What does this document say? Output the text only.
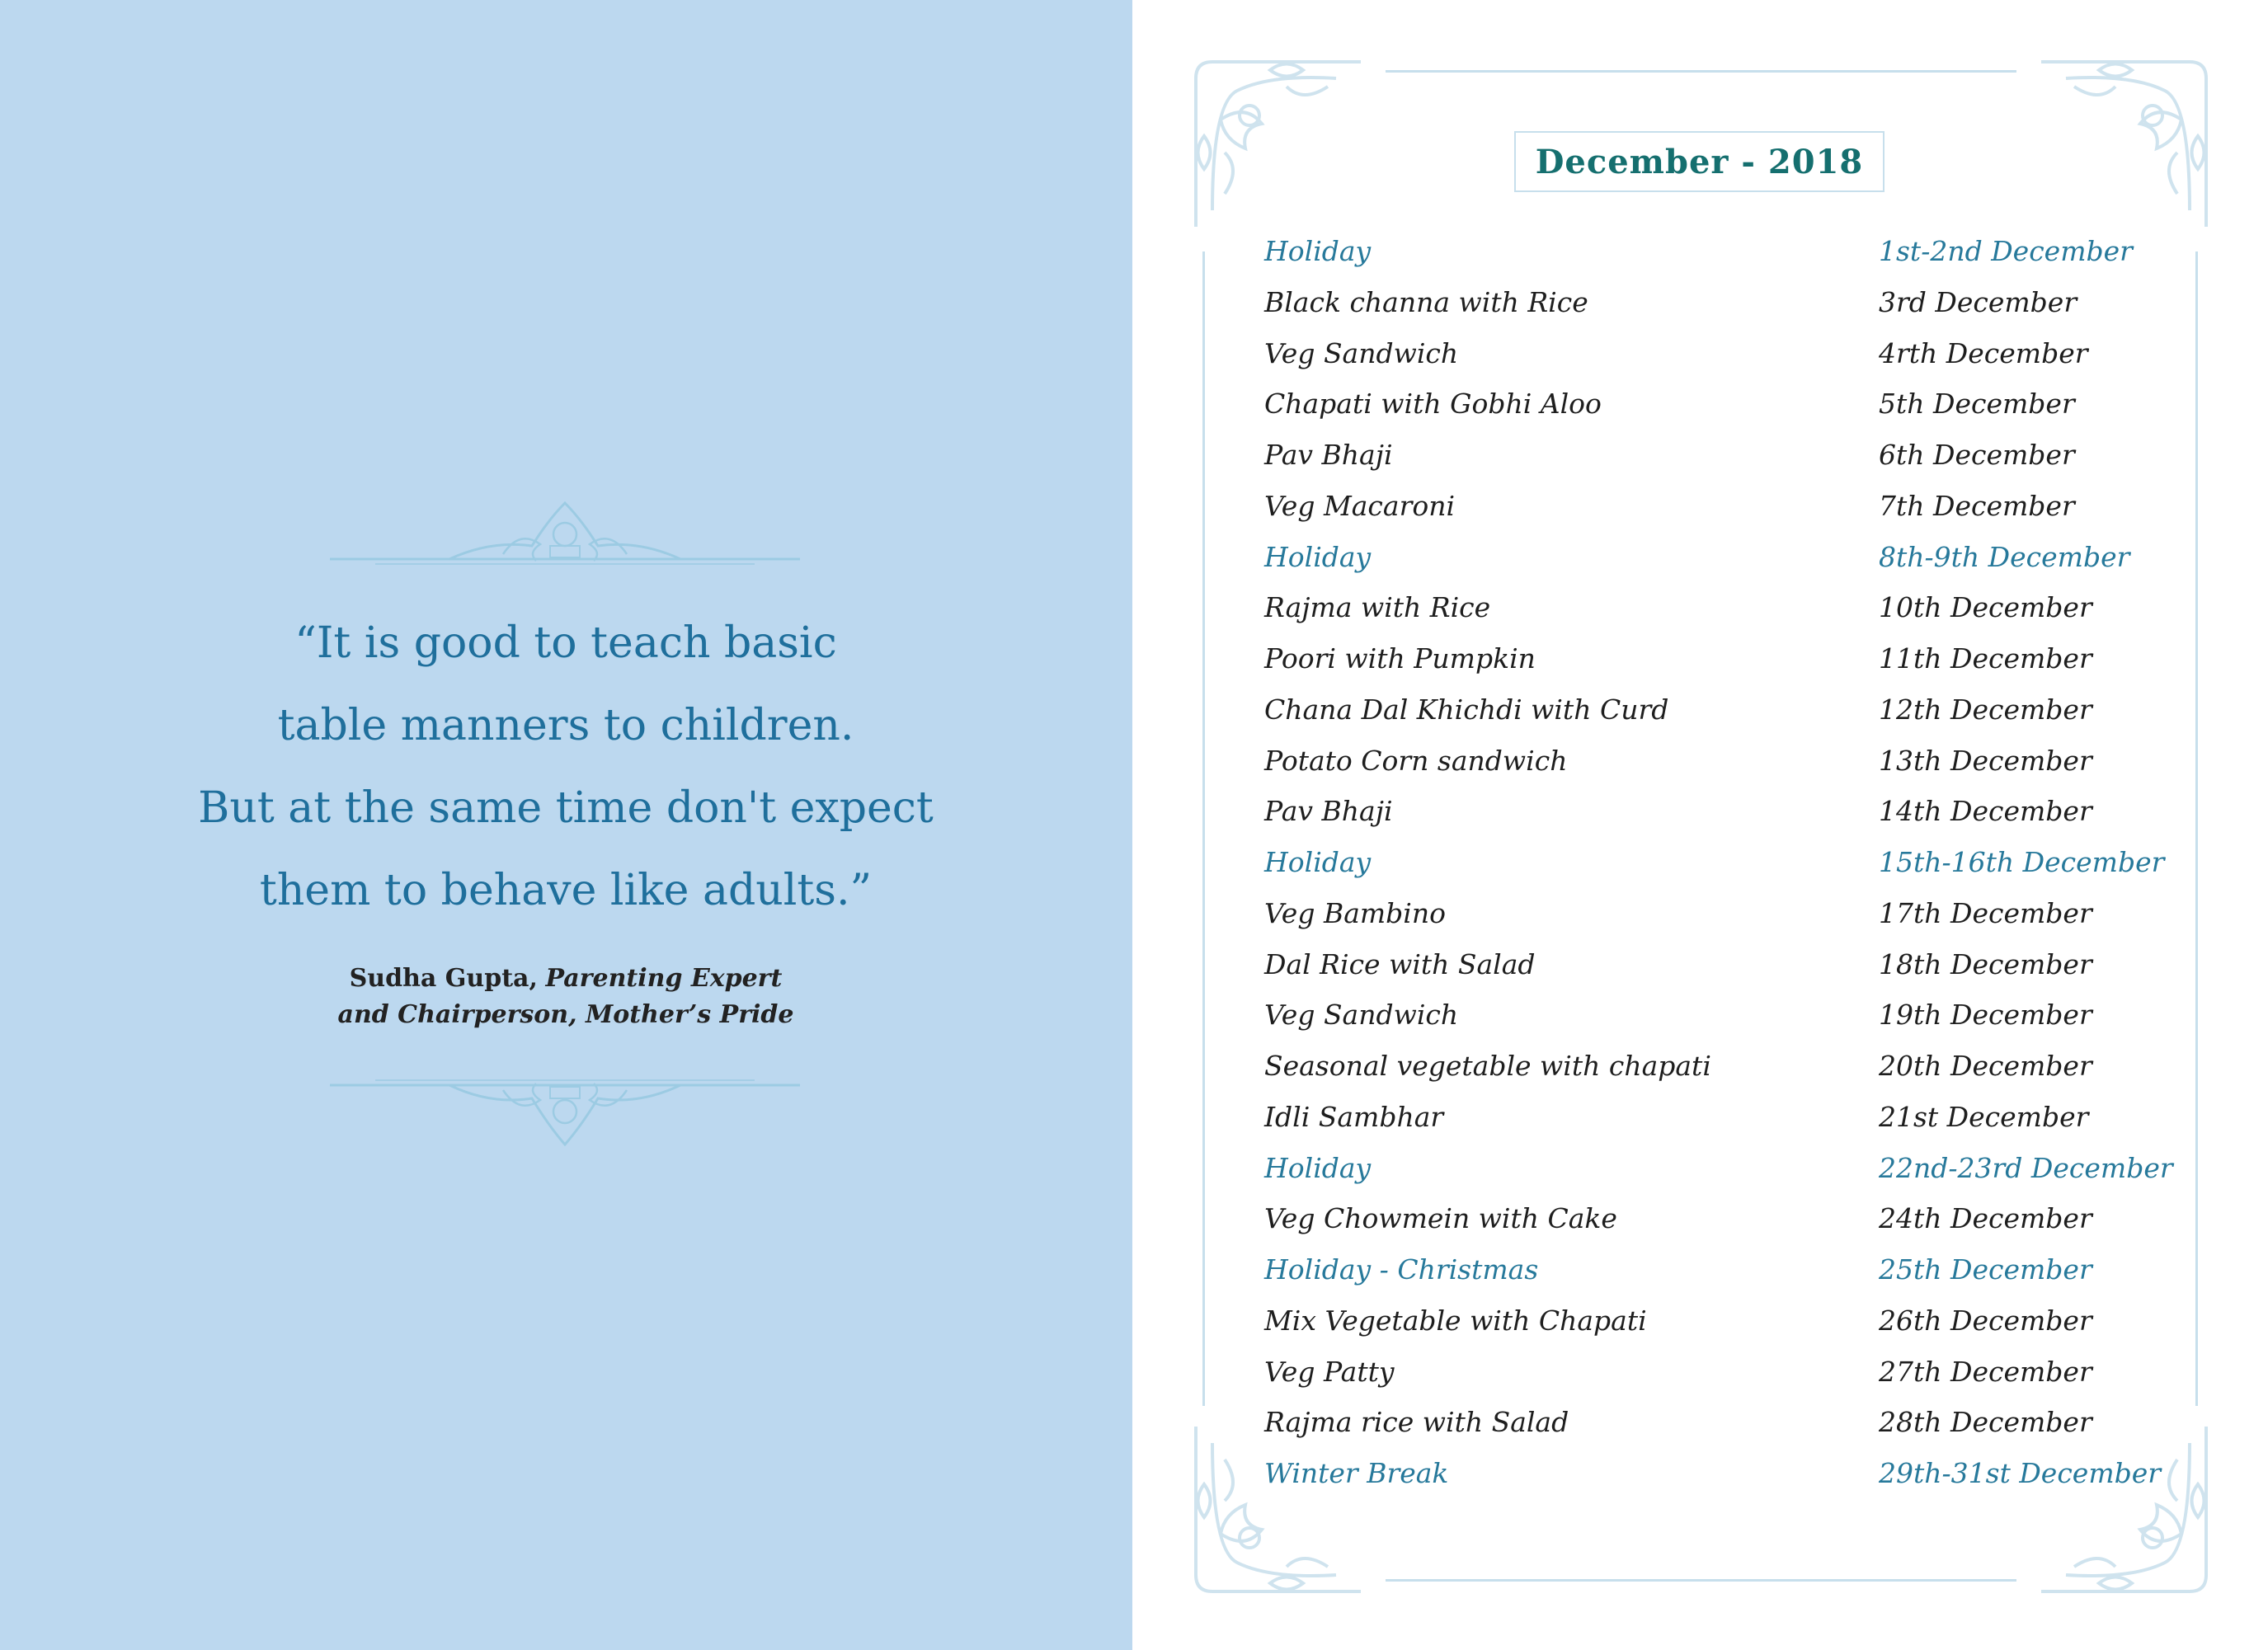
“It is good to teach basic
table manners to children.
But at the same time don't expect
them to behave like adults.”
Sudha Gupta, Parenting Expert
and Chairperson, Mother’s Pride
December - 2018
Holiday	1st-2nd December
Black channa with Rice	3rd December
Veg Sandwich	4rth December
Chapati with Gobhi Aloo	5th December
Pav Bhaji	6th December
Veg Macaroni	7th December
Holiday	8th-9th December
Rajma with Rice	10th December
Poori with Pumpkin	11th December
Chana Dal Khichdi with Curd	12th December
Potato Corn sandwich	13th December
Pav Bhaji	14th December
Holiday	15th-16th December
Veg Bambino	17th December
Dal Rice with Salad	18th December
Veg Sandwich	19th December
Seasonal vegetable with chapati	20th December
Idli Sambhar	21st December
Holiday	22nd-23rd December
Veg Chowmein with Cake	24th December
Holiday - Christmas	25th December
Mix Vegetable with Chapati	26th December
Veg Patty	27th December
Rajma rice with Salad	28th December
Winter Break	29th-31st December
